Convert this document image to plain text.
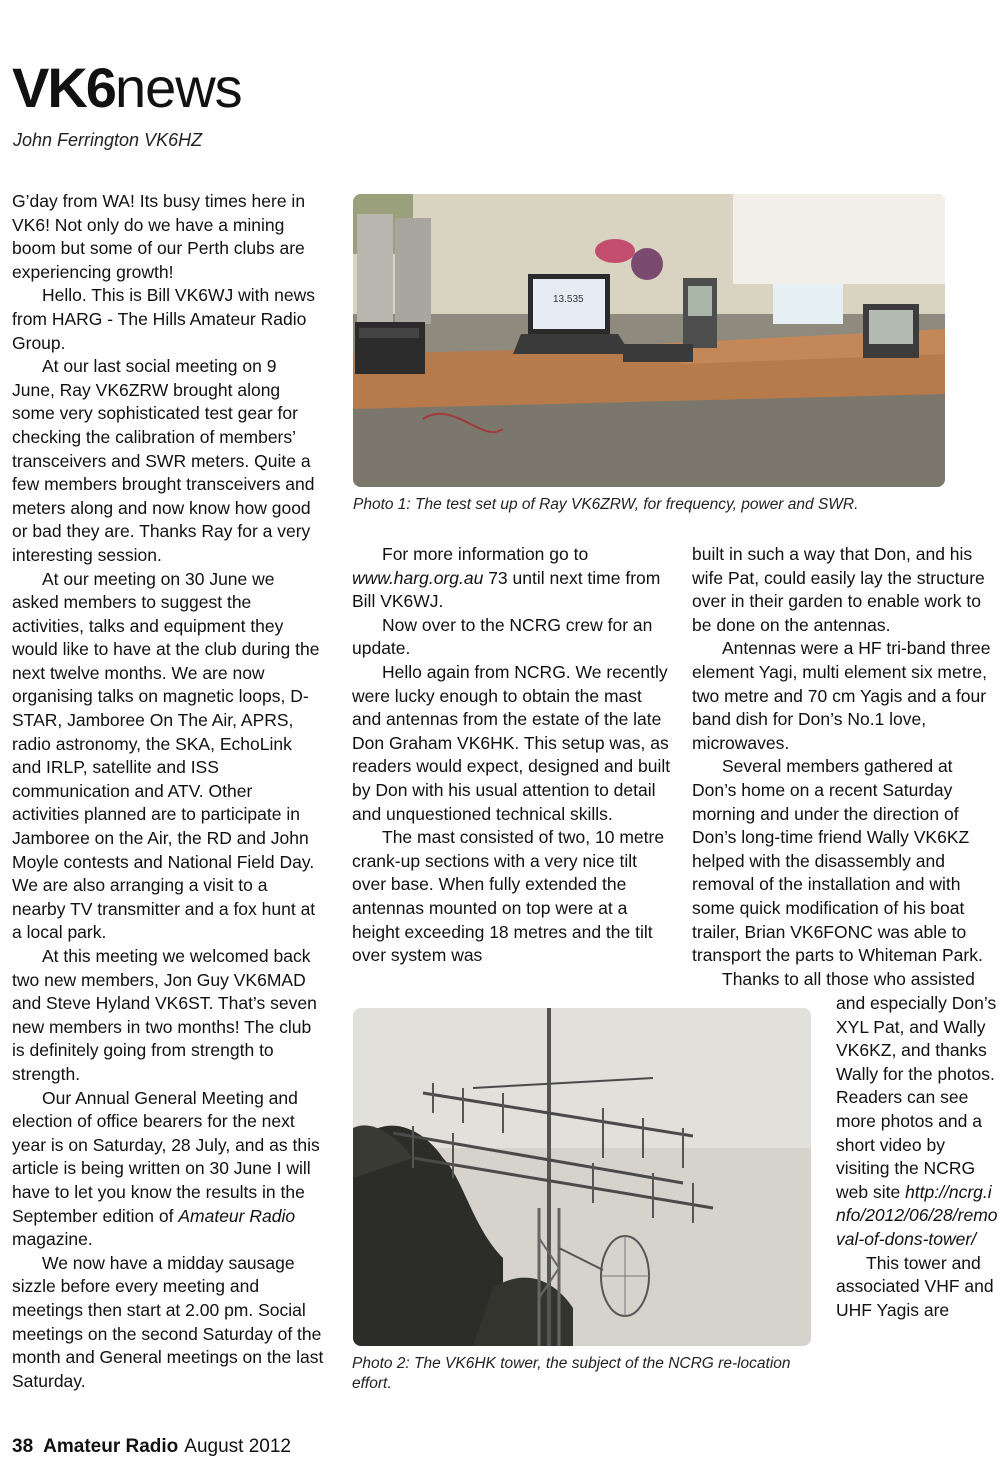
VK6news
John Ferrington VK6HZ

G’day from WA! Its busy times here in VK6! Not only do we have a mining boom but some of our Perth clubs are experiencing growth!

Hello. This is Bill VK6WJ with news from HARG - The Hills Amateur Radio Group.

At our last social meeting on 9 June, Ray VK6ZRW brought along some very sophisticated test gear for checking the calibration of members’ transceivers and SWR meters. Quite a few members brought transceivers and meters along and now know how good or bad they are. Thanks Ray for a very interesting session.

At our meeting on 30 June we asked members to suggest the activities, talks and equipment they would like to have at the club during the next twelve months. We are now organising talks on magnetic loops, D-STAR, Jamboree On The Air, APRS, radio astronomy, the SKA, EchoLink and IRLP, satellite and ISS communication and ATV. Other activities planned are to participate in Jamboree on the Air, the RD and John Moyle contests and National Field Day. We are also arranging a visit to a nearby TV transmitter and a fox hunt at a local park.

At this meeting we welcomed back two new members, Jon Guy VK6MAD and Steve Hyland VK6ST. That’s seven new members in two months! The club is definitely going from strength to strength.

Our Annual General Meeting and election of office bearers for the next year is on Saturday, 28 July, and as this article is being written on 30 June I will have to let you know the results in the September edition of Amateur Radio magazine.

We now have a midday sausage sizzle before every meeting and meetings then start at 2.00 pm. Social meetings on the second Saturday of the month and General meetings on the last Saturday.

13.535
Photo 1: The test set up of Ray VK6ZRW, for frequency, power and SWR.

For more information go to www.harg.org.au 73 until next time from Bill VK6WJ.

Now over to the NCRG crew for an update.

Hello again from NCRG. We recently were lucky enough to obtain the mast and antennas from the estate of the late Don Graham VK6HK. This setup was, as readers would expect, designed and built by Don with his usual attention to detail and unquestioned technical skills.

The mast consisted of two, 10 metre crank-up sections with a very nice tilt over base. When fully extended the antennas mounted on top were at a height exceeding 18 metres and the tilt over system was

built in such a way that Don, and his wife Pat, could easily lay the structure over in their garden to enable work to be done on the antennas.

Antennas were a HF tri-band three element Yagi, multi element six metre, two metre and 70 cm Yagis and a four band dish for Don’s No.1 love, microwaves.

Several members gathered at Don’s home on a recent Saturday morning and under the direction of Don’s long-time friend Wally VK6KZ helped with the disassembly and removal of the installation and with some quick modification of his boat trailer, Brian VK6FONC was able to transport the parts to Whiteman Park.

Thanks to all those who assisted

and especially Don’s XYL Pat, and Wally VK6KZ, and thanks Wally for the photos. Readers can see more photos and a short video by visiting the NCRG web site http://ncrg.info/2012/06/28/removal-of-dons-tower/

This tower and associated VHF and UHF Yagis are

Photo 2: The VK6HK tower, the subject of the NCRG re-location effort.
38 Amateur Radio August 2012
